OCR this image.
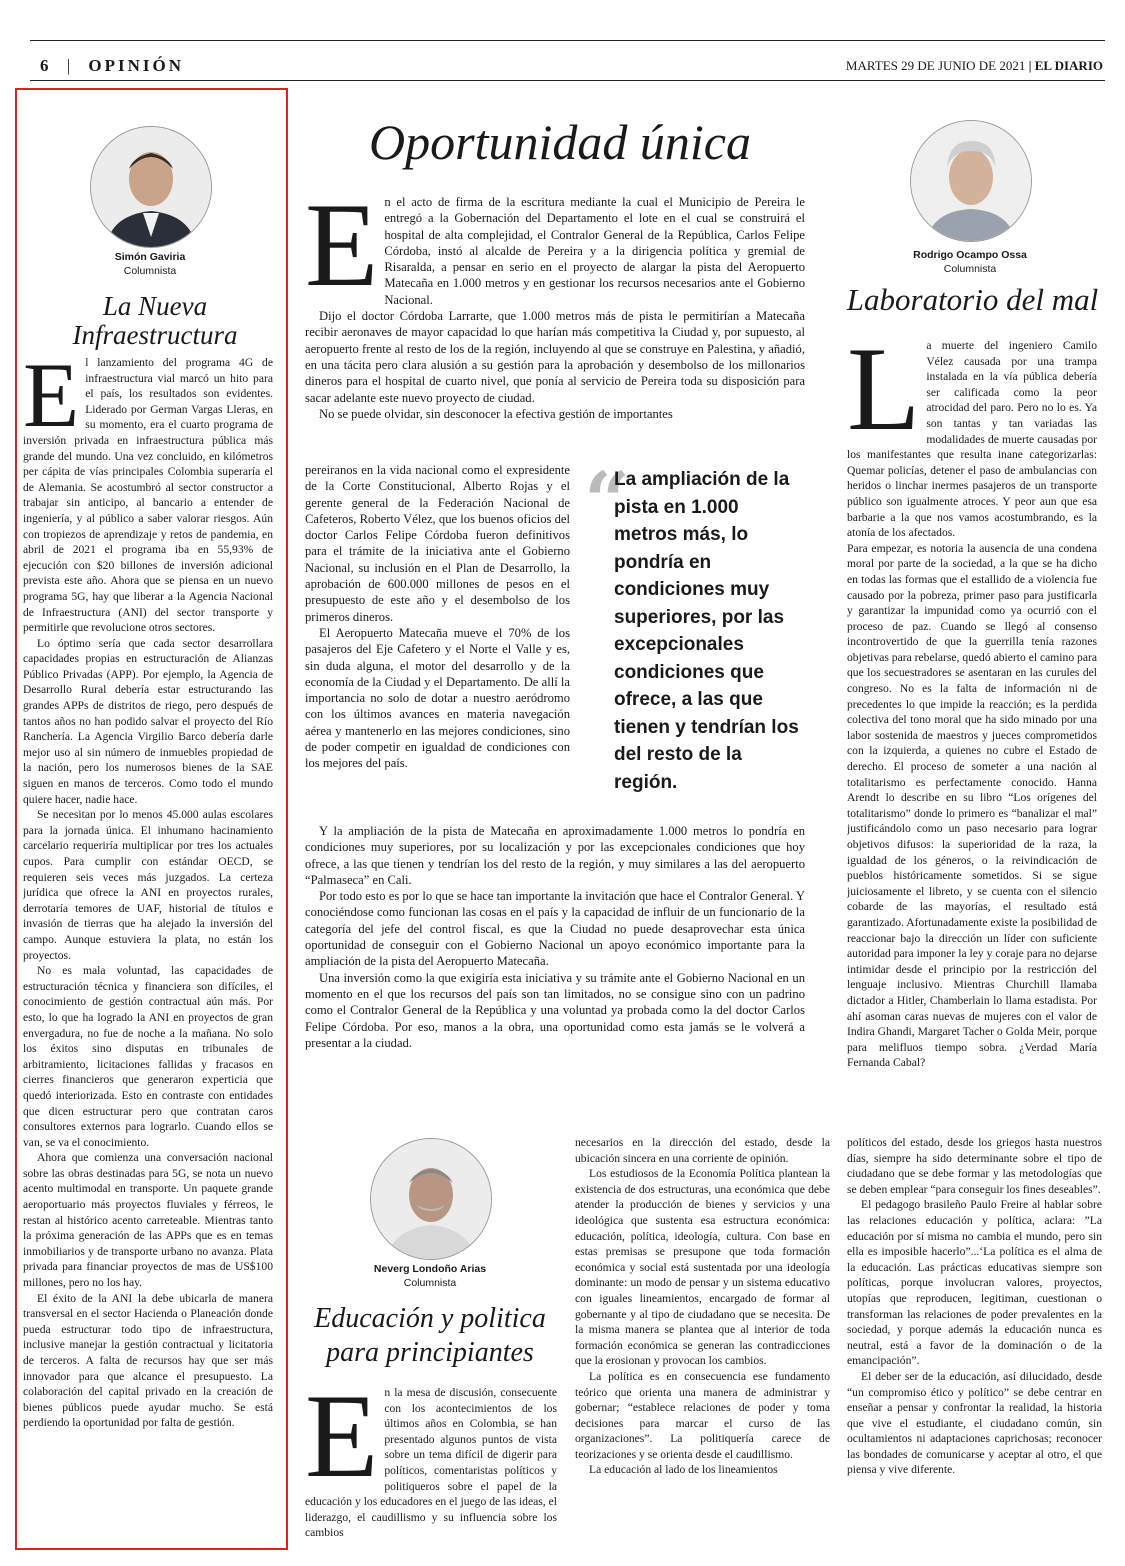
6 | OPINIÓN	MARTES 29 DE JUNIO DE 2021 | EL DIARIO
Simón Gaviria
Columnista
La Nueva Infraestructura
E l lanzamiento del programa 4G de infraestructura vial marcó un hito para el país, los resultados son evidentes. Liderado por German Vargas Lleras, en su momento, era el cuarto programa de inversión privada en infraestructura pública más grande del mundo. Una vez concluido, en kilómetros per cápita de vías principales Colombia superaría el de Alemania. Se acostumbró al sector constructor a trabajar sin anticipo, al bancario a entender de ingeniería, y al público a saber valorar riesgos. Aún con tropiezos de aprendizaje y retos de pandemia, en abril de 2021 el programa iba en 55,93% de ejecución con $20 billones de inversión adicional prevista este año. Ahora que se piensa en un nuevo programa 5G, hay que liberar a la Agencia Nacional de Infraestructura (ANI) del sector transporte y permitirle que revolucione otros sectores.

Lo óptimo sería que cada sector desarrollara capacidades propias en estructuración de Alianzas Público Privadas (APP). Por ejemplo, la Agencia de Desarrollo Rural debería estar estructurando las grandes APPs de distritos de riego, pero después de tantos años no han podido salvar el proyecto del Río Ranchería. La Agencia Virgilio Barco debería darle mejor uso al sin número de inmuebles propiedad de la nación, pero los numerosos bienes de la SAE siguen en manos de terceros. Como todo el mundo quiere hacer, nadie hace.

Se necesitan por lo menos 45.000 aulas escolares para la jornada única. El inhumano hacinamiento carcelario requeriría multiplicar por tres los actuales cupos. Para cumplir con estándar OECD, se requieren seis veces más juzgados. La certeza jurídica que ofrece la ANI en proyectos rurales, derrotaría temores de UAF, historial de títulos e invasión de tierras que ha alejado la inversión del campo. Aunque estuviera la plata, no están los proyectos.

No es mala voluntad, las capacidades de estructuración técnica y financiera son difíciles, el conocimiento de gestión contractual aún más. Por esto, lo que ha logrado la ANI en proyectos de gran envergadura, no fue de noche a la mañana. No solo los éxitos sino disputas en tribunales de arbitramiento, licitaciones fallidas y fracasos en cierres financieros que generaron experticia que quedó interiorizada. Esto en contraste con entidades que dicen estructurar pero que contratan caros consultores externos para lograrlo. Cuando ellos se van, se va el conocimiento.

Ahora que comienza una conversación nacional sobre las obras destinadas para 5G, se nota un nuevo acento multimodal en transporte. Un paquete grande aeroportuario más proyectos fluviales y férreos, le restan al histórico acento carreteable. Mientras tanto la próxima generación de las APPs que es en temas inmobiliarios y de transporte urbano no avanza. Plata privada para financiar proyectos de mas de US$100 millones, pero no los hay.

El éxito de la ANI la debe ubicarla de manera transversal en el sector Hacienda o Planeación donde pueda estructurar todo tipo de infraestructura, inclusive manejar la gestión contractual y licitatoria de terceros. A falta de recursos hay que ser más innovador para que alcance el presupuesto. La colaboración del capital privado en la creación de bienes públicos puede ayudar mucho. Se está perdiendo la oportunidad por falta de gestión.

Oportunidad única
E n el acto de firma de la escritura mediante la cual el Municipio de Pereira le entregó a la Gobernación del Departamento el lote en el cual se construirá el hospital de alta complejidad, el Contralor General de la República, Carlos Felipe Córdoba, instó al alcalde de Pereira y a la dirigencia política y gremial de Risaralda, a pensar en serio en el proyecto de alargar la pista del Aeropuerto Matecaña en 1.000 metros y en gestionar los recursos necesarios ante el Gobierno Nacional.

Dijo el doctor Córdoba Larrarte, que 1.000 metros más de pista le permitirían a Matecaña recibir aeronaves de mayor capacidad lo que harían más competitiva la Ciudad y, por supuesto, al aeropuerto frente al resto de los de la región, incluyendo al que se construye en Palestina, y añadió, en una tácita pero clara alusión a su gestión para la aprobación y desembolso de los millonarios dineros para el hospital de cuarto nivel, que ponía al servicio de Pereira toda su disposición para sacar adelante este nuevo proyecto de ciudad.

No se puede olvidar, sin desconocer la efectiva gestión de importantes

pereiranos en la vida nacional como el expresidente de la Corte Constitucional, Alberto Rojas y el gerente general de la Federación Nacional de Cafeteros, Roberto Vélez, que los buenos oficios del doctor Carlos Felipe Córdoba fueron definitivos para el trámite de la iniciativa ante el Gobierno Nacional, su inclusión en el Plan de Desarrollo, la aprobación de 600.000 millones de pesos en el presupuesto de este año y el desembolso de los primeros dineros.

El Aeropuerto Matecaña mueve el 70% de los pasajeros del Eje Cafetero y el Norte el Valle y es, sin duda alguna, el motor del desarrollo y de la economía de la Ciudad y el Departamento. De allí la importancia no solo de dotar a nuestro aeródromo con los últimos avances en materia navegación aérea y mantenerlo en las mejores condiciones, sino de poder competir en igualdad de condiciones con los mejores del país.

“
La ampliación de la pista en 1.000 metros más, lo pondría en condiciones muy superiores, por las excepcionales condiciones que ofrece, a las que tienen y tendrían los del resto de la región.

Y la ampliación de la pista de Matecaña en aproximadamente 1.000 metros lo pondría en condiciones muy superiores, por su localización y por las excepcionales condiciones que hoy ofrece, a las que tienen y tendrían los del resto de la región, y muy similares a las del aeropuerto “Palmaseca” en Cali.

Por todo esto es por lo que se hace tan importante la invitación que hace el Contralor General. Y conociéndose como funcionan las cosas en el país y la capacidad de influir de un funcionario de la categoría del jefe del control fiscal, es que la Ciudad no puede desaprovechar esta única oportunidad de conseguir con el Gobierno Nacional un apoyo económico importante para la ampliación de la pista del Aeropuerto Matecaña.

Una inversión como la que exigiría esta iniciativa y su trámite ante el Gobierno Nacional en un momento en el que los recursos del país son tan limitados, no se consigue sino con un padrino como el Contralor General de la República y una voluntad ya probada como la del doctor Carlos Felipe Córdoba. Por eso, manos a la obra, una oportunidad como esta jamás se le volverá a presentar a la ciudad.

Rodrigo Ocampo Ossa
Columnista
Laboratorio del mal
L a muerte del ingeniero Camilo Vélez causada por una trampa instalada en la vía pública debería ser calificada como la peor atrocidad del paro. Pero no lo es. Ya son tantas y tan variadas las modalidades de muerte causadas por los manifestantes que resulta inane categorizarlas: Quemar policías, detener el paso de ambulancias con heridos o linchar inermes pasajeros de un transporte público son igualmente atroces. Y peor aun que esa barbarie a la que nos vamos acostumbrando, es la atonía de los afectados.

Para empezar, es notoria la ausencia de una condena moral por parte de la sociedad, a la que se ha dicho en todas las formas que el estallido de a violencia fue causado por la pobreza, primer paso para justificarla y garantizar la impunidad como ya ocurrió con el proceso de paz. Cuando se llegó al consenso incontrovertido de que la guerrilla tenía razones objetivas para rebelarse, quedó abierto el camino para que los secuestradores se asentaran en las curules del congreso. No es la falta de información ni de precedentes lo que impide la reacción; es la perdida colectiva del tono moral que ha sido minado por una labor sostenida de maestros y jueces comprometidos con la izquierda, a quienes no cubre el Estado de derecho. El proceso de someter a una nación al totalitarismo es perfectamente conocido. Hanna Arendt lo describe en su libro “Los orígenes del totalitarismo” donde lo primero es “banalizar el mal” justificándolo como un paso necesario para lograr objetivos difusos: la superioridad de la raza, la igualdad de los géneros, o la reivindicación de pueblos históricamente sometidos. Si se sigue juiciosamente el libreto, y se cuenta con el silencio cobarde de las mayorías, el resultado está garantizado. Afortunadamente existe la posibilidad de reaccionar bajo la dirección un líder con suficiente autoridad para imponer la ley y coraje para no dejarse intimidar desde el principio por la restricción del lenguaje inclusivo. Mientras Churchill llamaba dictador a Hitler, Chamberlain lo llama estadista. Por ahí asoman caras nuevas de mujeres con el valor de Indira Ghandi, Margaret Tacher o Golda Meir, porque para melifluos tiempo sobra. ¿Verdad María Fernanda Cabal?

Neverg Londoño Arias
Columnista
Educación y politica para principiantes
E n la mesa de discusión, consecuente con los acontecimientos de los últimos años en Colombia, se han presentado algunos puntos de vista sobre un tema difícil de digerir para políticos, comentaristas políticos y politiqueros sobre el papel de la educación y los educadores en el juego de las ideas, el liderazgo, el caudillismo y su influencia sobre los cambios

necesarios en la dirección del estado, desde la ubicación sincera en una corriente de opinión.

Los estudiosos de la Economía Política plantean la existencia de dos estructuras, una económica que debe atender la producción de bienes y servicios y una ideológica que sustenta esa estructura económica: educación, política, ideología, cultura. Con base en estas premisas se presupone que toda formación económica y social está sustentada por una ideología dominante: un modo de pensar y un sistema educativo con iguales lineamientos, encargado de formar al gobernante y al tipo de ciudadano que se necesita. De la misma manera se plantea que al interior de toda formación económica se generan las contradicciones que la erosionan y provocan los cambios.

La política es en consecuencia ese fundamento teórico que orienta una manera de administrar y gobernar; “establece relaciones de poder y toma decisiones para marcar el curso de las organizaciones”. La politiquería carece de teorizaciones y se orienta desde el caudillismo.

La educación al lado de los lineamientos

políticos del estado, desde los griegos hasta nuestros días, siempre ha sido determinante sobre el tipo de ciudadano que se debe formar y las metodologías que se deben emplear “para conseguir los fines deseables”.

El pedagogo brasileño Paulo Freire al hablar sobre las relaciones educación y política, aclara: ”La educación por sí misma no cambia el mundo, pero sin ella es imposible hacerlo”...‘La política es el alma de la educación. Las prácticas educativas siempre son políticas, porque involucran valores, proyectos, utopías que reproducen, legitiman, cuestionan o transforman las relaciones de poder prevalentes en la sociedad, y porque además la educación nunca es neutral, está a favor de la dominación o de la emancipación”.

El deber ser de la educación, así dilucidado, desde “un compromiso ético y político” se debe centrar en enseñar a pensar y confrontar la realidad, la historia que vive el estudiante, el ciudadano común, sin ocultamientos ni adaptaciones caprichosas; reconocer las bondades de comunicarse y aceptar al otro, el que piensa y vive diferente.
